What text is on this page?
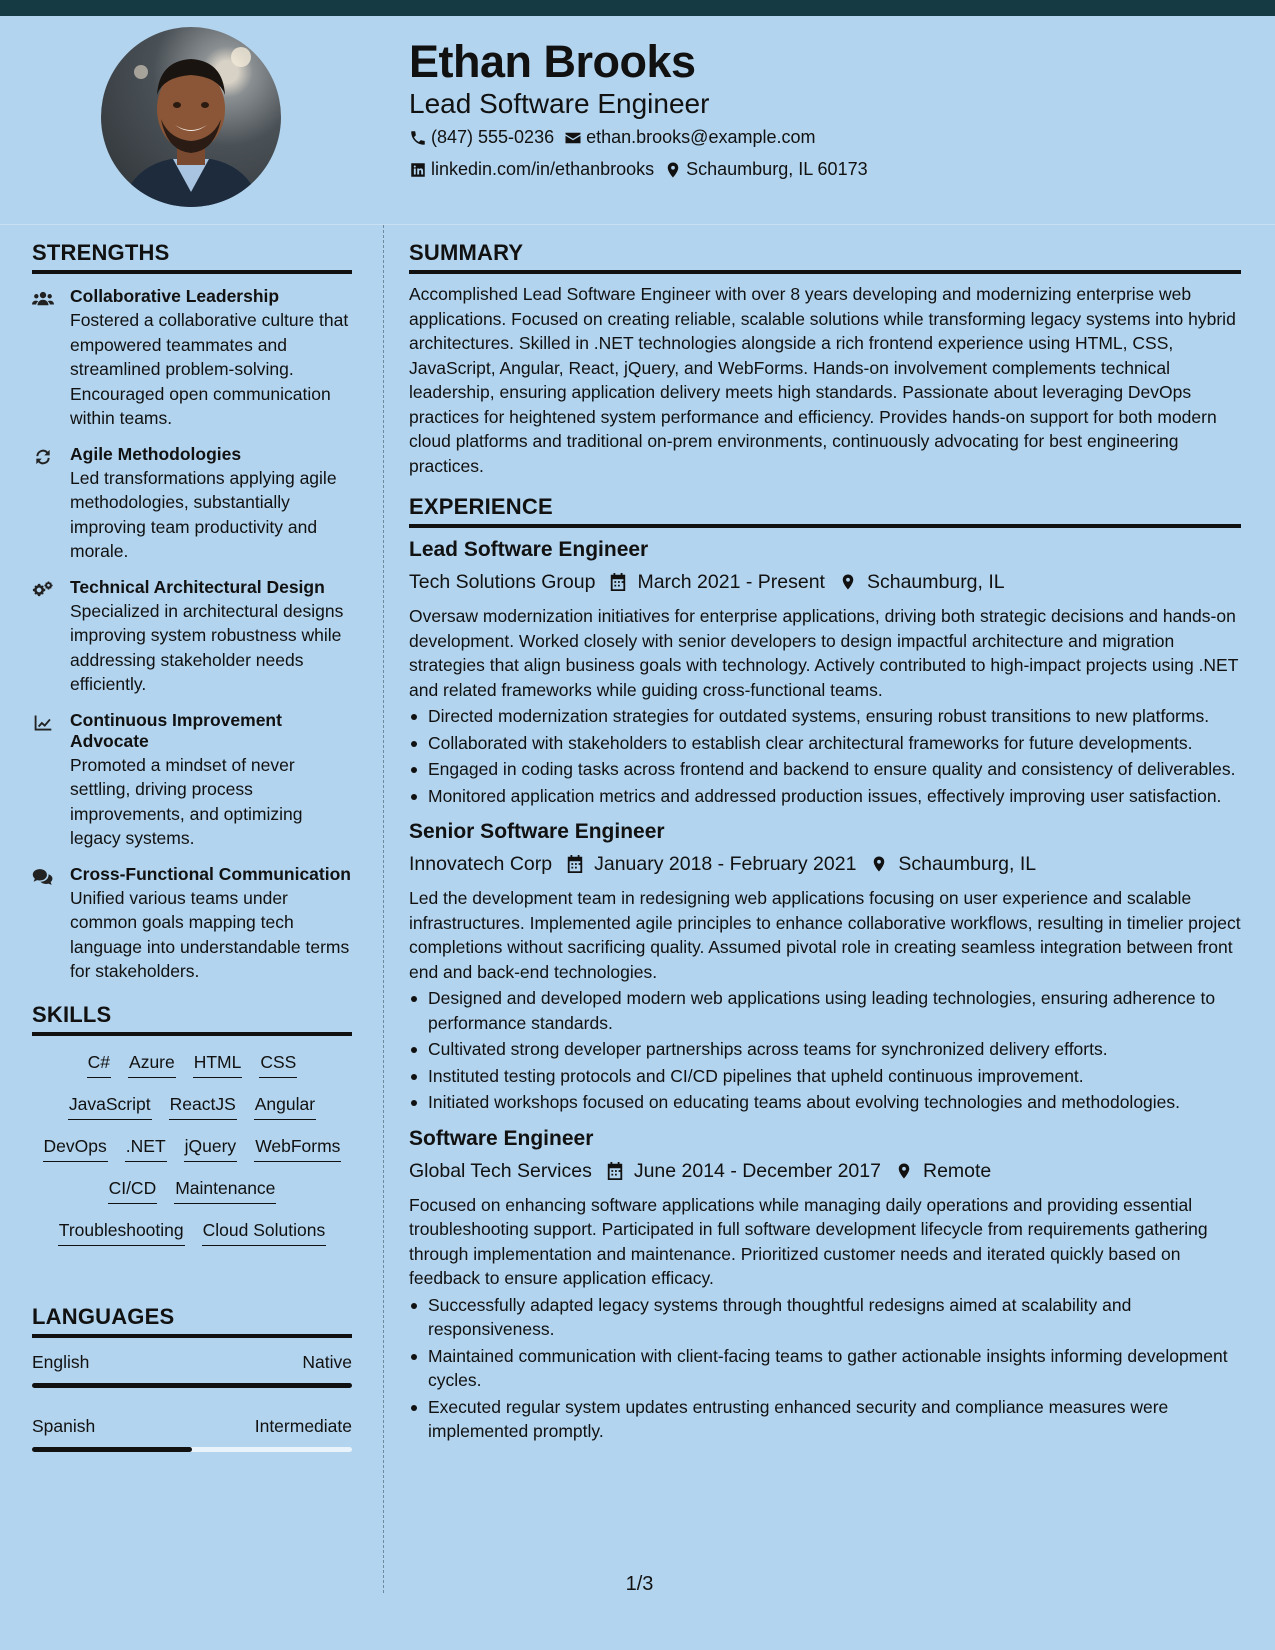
Ethan Brooks
Lead Software Engineer
(847) 555-0236 ethan.brooks@example.com
linkedin.com/in/ethanbrooks Schaumburg, IL 60173
STRENGTHS
Collaborative Leadership
Fostered a collaborative culture that empowered teammates and streamlined problem-solving. Encouraged open communication within teams.
Agile Methodologies
Led transformations applying agile methodologies, substantially improving team productivity and morale.
Technical Architectural Design
Specialized in architectural designs improving system robustness while addressing stakeholder needs efficiently.
Continuous Improvement Advocate
Promoted a mindset of never settling, driving process improvements, and optimizing legacy systems.
Cross-Functional Communication
Unified various teams under common goals mapping tech language into understandable terms for stakeholders.
SKILLS
C# Azure HTML CSS
JavaScript ReactJS Angular
DevOps .NET jQuery WebForms
CI/CD Maintenance
Troubleshooting Cloud Solutions
LANGUAGES
English	Native
Spanish	Intermediate
SUMMARY
Accomplished Lead Software Engineer with over 8 years developing and modernizing enterprise web applications. Focused on creating reliable, scalable solutions while transforming legacy systems into hybrid architectures. Skilled in .NET technologies alongside a rich frontend experience using HTML, CSS, JavaScript, Angular, React, jQuery, and WebForms. Hands-on involvement complements technical leadership, ensuring application delivery meets high standards. Passionate about leveraging DevOps practices for heightened system performance and efficiency. Provides hands-on support for both modern cloud platforms and traditional on-prem environments, continuously advocating for best engineering practices.
EXPERIENCE
Lead Software Engineer
Tech Solutions Group March 2021 - Present Schaumburg, IL
Oversaw modernization initiatives for enterprise applications, driving both strategic decisions and hands-on development. Worked closely with senior developers to design impactful architecture and migration strategies that align business goals with technology. Actively contributed to high-impact projects using .NET and related frameworks while guiding cross-functional teams.
Directed modernization strategies for outdated systems, ensuring robust transitions to new platforms.
Collaborated with stakeholders to establish clear architectural frameworks for future developments.
Engaged in coding tasks across frontend and backend to ensure quality and consistency of deliverables.
Monitored application metrics and addressed production issues, effectively improving user satisfaction.
Senior Software Engineer
Innovatech Corp January 2018 - February 2021 Schaumburg, IL
Led the development team in redesigning web applications focusing on user experience and scalable infrastructures. Implemented agile principles to enhance collaborative workflows, resulting in timelier project completions without sacrificing quality. Assumed pivotal role in creating seamless integration between front end and back-end technologies.
Designed and developed modern web applications using leading technologies, ensuring adherence to performance standards.
Cultivated strong developer partnerships across teams for synchronized delivery efforts.
Instituted testing protocols and CI/CD pipelines that upheld continuous improvement.
Initiated workshops focused on educating teams about evolving technologies and methodologies.
Software Engineer
Global Tech Services June 2014 - December 2017 Remote
Focused on enhancing software applications while managing daily operations and providing essential troubleshooting support. Participated in full software development lifecycle from requirements gathering through implementation and maintenance. Prioritized customer needs and iterated quickly based on feedback to ensure application efficacy.
Successfully adapted legacy systems through thoughtful redesigns aimed at scalability and responsiveness.
Maintained communication with client-facing teams to gather actionable insights informing development cycles.
Executed regular system updates entrusting enhanced security and compliance measures were implemented promptly.
1/3
